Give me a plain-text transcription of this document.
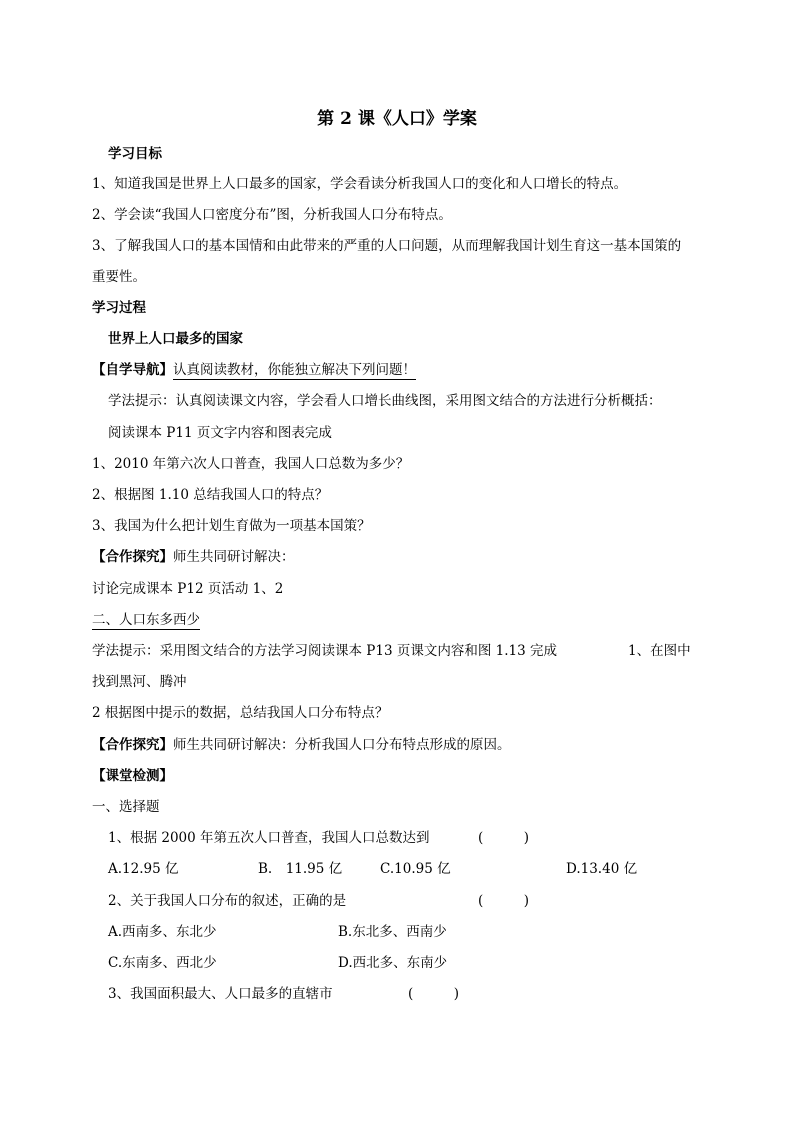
第 2 课《人口》学案
学习目标
1、知道我国是世界上人口最多的国家，学会看读分析我国人口的变化和人口增长的特点。
2、学会读“我国人口密度分布”图，分析我国人口分布特点。
3、了解我国人口的基本国情和由此带来的严重的人口问题，从而理解我国计划生育这一基本国策的
重要性。
学习过程
世界上人口最多的国家
【自学导航】认真阅读教材，你能独立解决下列问题！
学法提示：认真阅读课文内容，学会看人口增长曲线图，采用图文结合的方法进行分析概括：
阅读课本 P11 页文字内容和图表完成
1、2010 年第六次人口普查，我国人口总数为多少？
2、根据图 1.10 总结我国人口的特点？
3、我国为什么把计划生育做为一项基本国策？
【合作探究】师生共同研讨解决：
讨论完成课本 P12 页活动 1、2
二、人口东多西少
学法提示：采用图文结合的方法学习阅读课本 P13 页课文内容和图 1.13 完成	1、在图中
找到黑河、腾冲
2 根据图中提示的数据，总结我国人口分布特点？
【合作探究】师生共同研讨解决：分析我国人口分布特点形成的原因。
【课堂检测】
一、选择题
1、根据 2000 年第五次人口普查，我国人口总数达到	(　　　)
A.12.95 亿	B.　11.95 亿	C.10.95 亿	D.13.40 亿
2、关于我国人口分布的叙述，正确的是	(　　　)
A.西南多、东北少	B.东北多、西南少
C.东南多、西北少	D.西北多、东南少
3、我国面积最大、人口最多的直辖市	(　　　)
